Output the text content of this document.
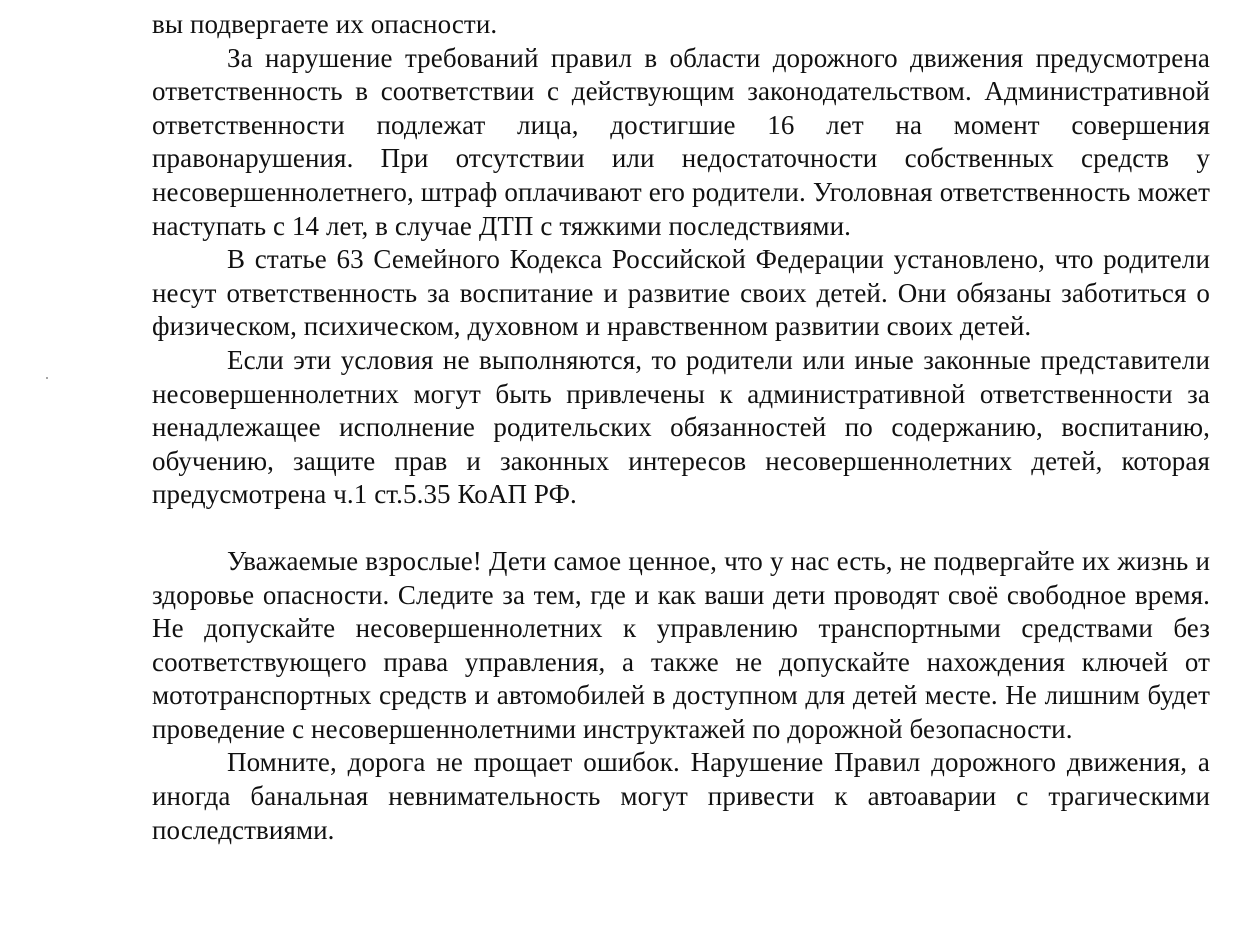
вы подвергаете их опасности.

За нарушение требований правил в области дорожного движения предусмотрена ответственность в соответствии с действующим законодательством. Административной ответственности подлежат лица, достигшие 16 лет на момент совершения правонарушения. При отсутствии или недостаточности собственных средств у несовершеннолетнего, штраф оплачивают его родители. Уголовная ответственность может наступать с 14 лет, в случае ДТП с тяжкими последствиями.

В статье 63 Семейного Кодекса Российской Федерации установлено, что родители несут ответственность за воспитание и развитие своих детей. Они обязаны заботиться о физическом, психическом, духовном и нравственном развитии своих детей.

Если эти условия не выполняются, то родители или иные законные представители несовершеннолетних могут быть привлечены к административной ответственности за ненадлежащее исполнение родительских обязанностей по содержанию, воспитанию, обучению, защите прав и законных интересов несовершеннолетних детей, которая предусмотрена ч.1 ст.5.35 КоАП РФ.

Уважаемые взрослые! Дети самое ценное, что у нас есть, не подвергайте их жизнь и здоровье опасности. Следите за тем, где и как ваши дети проводят своё свободное время. Не допускайте несовершеннолетних к управлению транспортными средствами без соответствующего права управления, а также не допускайте нахождения ключей от мототранспортных средств и автомобилей в доступном для детей месте. Не лишним будет проведение с несовершеннолетними инструктажей по дорожной безопасности.

Помните, дорога не прощает ошибок. Нарушение Правил дорожного движения, а иногда банальная невнимательность могут привести к автоаварии с трагическими последствиями.
